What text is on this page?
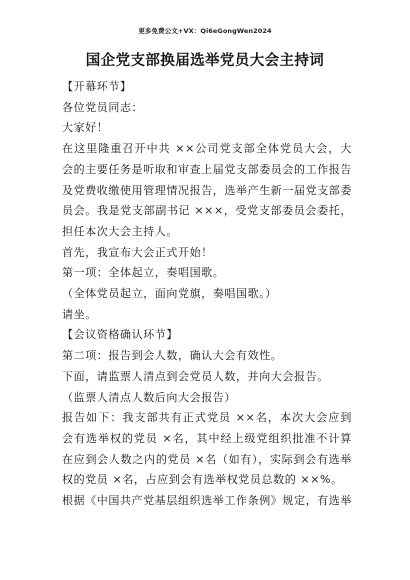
更多免费公文+VX：Qi6eGongWen2024
国企党支部换届选举党员大会主持词

【开幕环节】

各位党员同志：

大家好！

在这里隆重召开中共 ××公司党支部全体党员大会，大会的主要任务是听取和审查上届党支部委员会的工作报告及党费收缴使用管理情况报告，选举产生新一届党支部委员会。我是党支部副书记 ×××，受党支部委员会委托，担任本次大会主持人。

首先，我宣布大会正式开始！

第一项：全体起立，奏唱国歌。

（全体党员起立，面向党旗，奏唱国歌。）

请坐。

【会议资格确认环节】

第二项：报告到会人数，确认大会有效性。

下面，请监票人清点到会党员人数，并向大会报告。

（监票人清点人数后向大会报告）

报告如下：我支部共有正式党员 ××名，本次大会应到会有选举权的党员 ×名，其中经上级党组织批准不计算在应到会人数之内的党员 ×名（如有），实际到会有选举权的党员 ×名，占应到会有选举权党员总数的 ××%。

根据《中国共产党基层组织选举工作条例》规定，有选举
